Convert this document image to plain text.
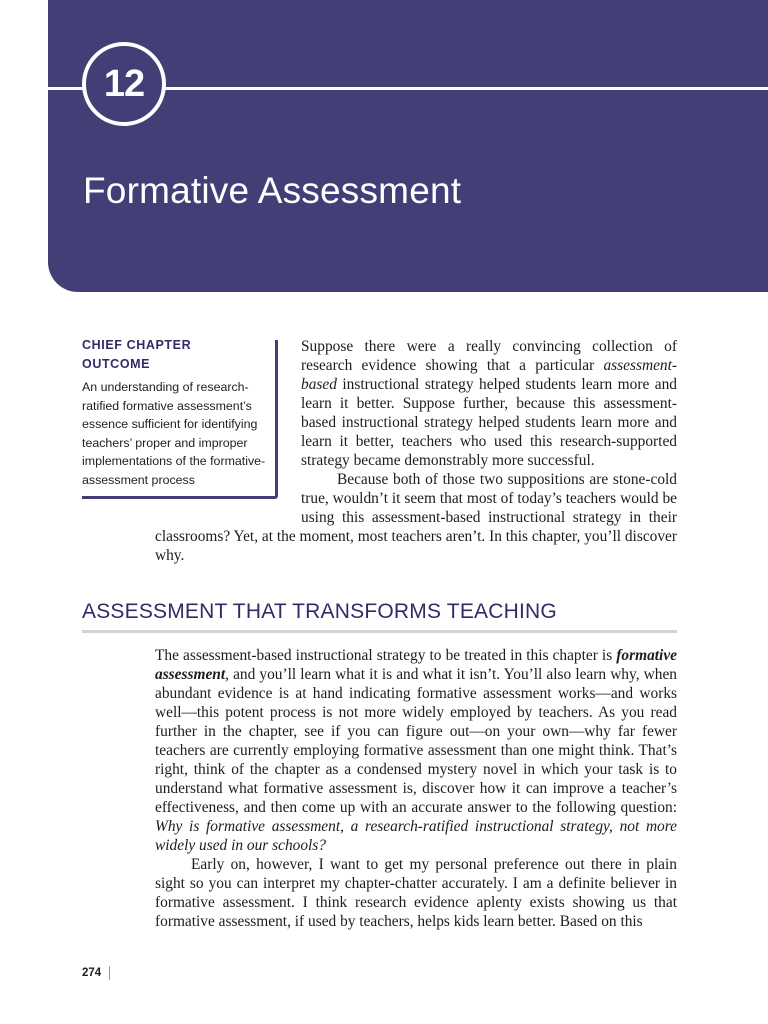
12
Formative Assessment
CHIEF CHAPTER OUTCOME

An understanding of research-ratified formative assessment’s essence sufficient for identifying teachers’ proper and improper implementations of the formative-assessment process

Suppose there were a really convincing collection of research evidence showing that a particular assessment-based instructional strategy helped students learn more and learn it better. Suppose further, because this assessment-based instructional strategy helped students learn more and learn it better, teachers who used this research-supported strategy became demonstrably more successful.

Because both of those two suppositions are stone-cold true, wouldn’t it seem that most of today’s teachers would be using this assessment-based instructional strategy in their classrooms? Yet, at the moment, most teachers aren’t. In this chapter, you’ll discover why.

ASSESSMENT THAT TRANSFORMS TEACHING

The assessment-based instructional strategy to be treated in this chapter is formative assessment, and you’ll learn what it is and what it isn’t. You’ll also learn why, when abundant evidence is at hand indicating formative assessment works—and works well—this potent process is not more widely employed by teachers. As you read further in the chapter, see if you can figure out—on your own—why far fewer teachers are currently employing formative assessment than one might think. That’s right, think of the chapter as a condensed mystery novel in which your task is to understand what formative assessment is, discover how it can improve a teacher’s effectiveness, and then come up with an accurate answer to the following question: Why is formative assessment, a research-ratified instructional strategy, not more widely used in our schools?

Early on, however, I want to get my personal preference out there in plain sight so you can interpret my chapter-chatter accurately. I am a definite believer in formative assessment. I think research evidence aplenty exists showing us that formative assessment, if used by teachers, helps kids learn better. Based on this

274
